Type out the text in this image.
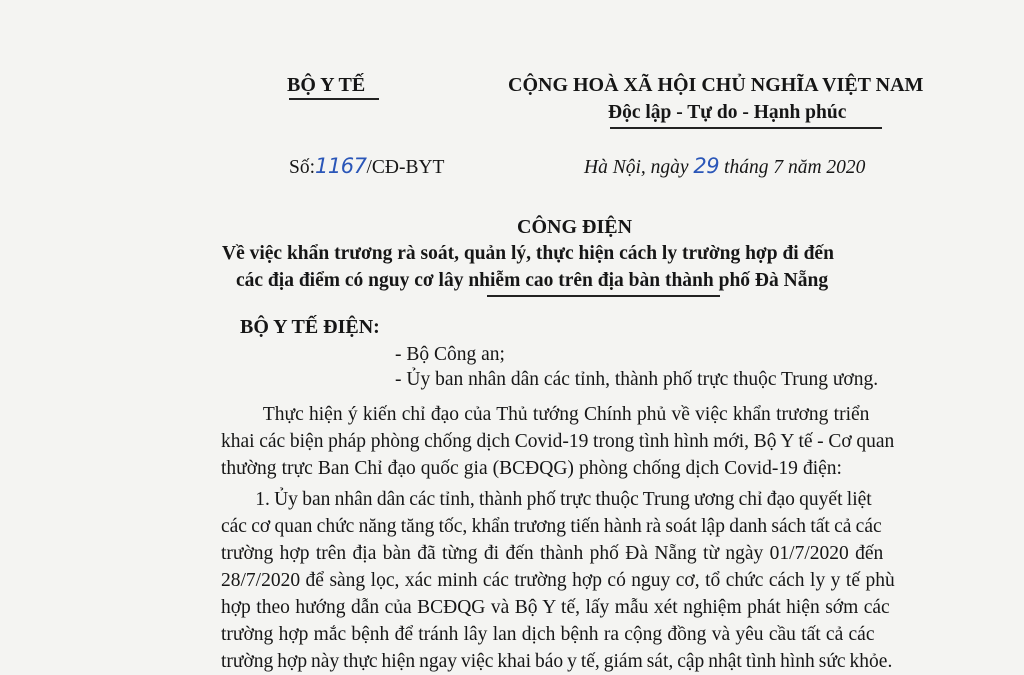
BỘ Y TẾ	CỘNG HOÀ XÃ HỘI CHỦ NGHĨA VIỆT NAM
Độc lập - Tự do - Hạnh phúc
Số:1167/CĐ-BYT	Hà Nội, ngày 29 tháng 7 năm 2020
CÔNG ĐIỆN
Về việc khẩn trương rà soát, quản lý, thực hiện cách ly trường hợp đi đến
các địa điểm có nguy cơ lây nhiễm cao trên địa bàn thành phố Đà Nẵng
BỘ Y TẾ ĐIỆN:
- Bộ Công an;
- Ủy ban nhân dân các tỉnh, thành phố trực thuộc Trung ương.
Thực hiện ý kiến chỉ đạo của Thủ tướng Chính phủ về việc khẩn trương triển
khai các biện pháp phòng chống dịch Covid-19 trong tình hình mới, Bộ Y tế - Cơ quan
thường trực Ban Chỉ đạo quốc gia (BCĐQG) phòng chống dịch Covid-19 điện:
1. Ủy ban nhân dân các tỉnh, thành phố trực thuộc Trung ương chỉ đạo quyết liệt
các cơ quan chức năng tăng tốc, khẩn trương tiến hành rà soát lập danh sách tất cả các
trường hợp trên địa bàn đã từng đi đến thành phố Đà Nẵng từ ngày 01/7/2020 đến
28/7/2020 để sàng lọc, xác minh các trường hợp có nguy cơ, tổ chức cách ly y tế phù
hợp theo hướng dẫn của BCĐQG và Bộ Y tế, lấy mẫu xét nghiệm phát hiện sớm các
trường hợp mắc bệnh để tránh lây lan dịch bệnh ra cộng đồng và yêu cầu tất cả các
trường hợp này thực hiện ngay việc khai báo y tế, giám sát, cập nhật tình hình sức khỏe.
